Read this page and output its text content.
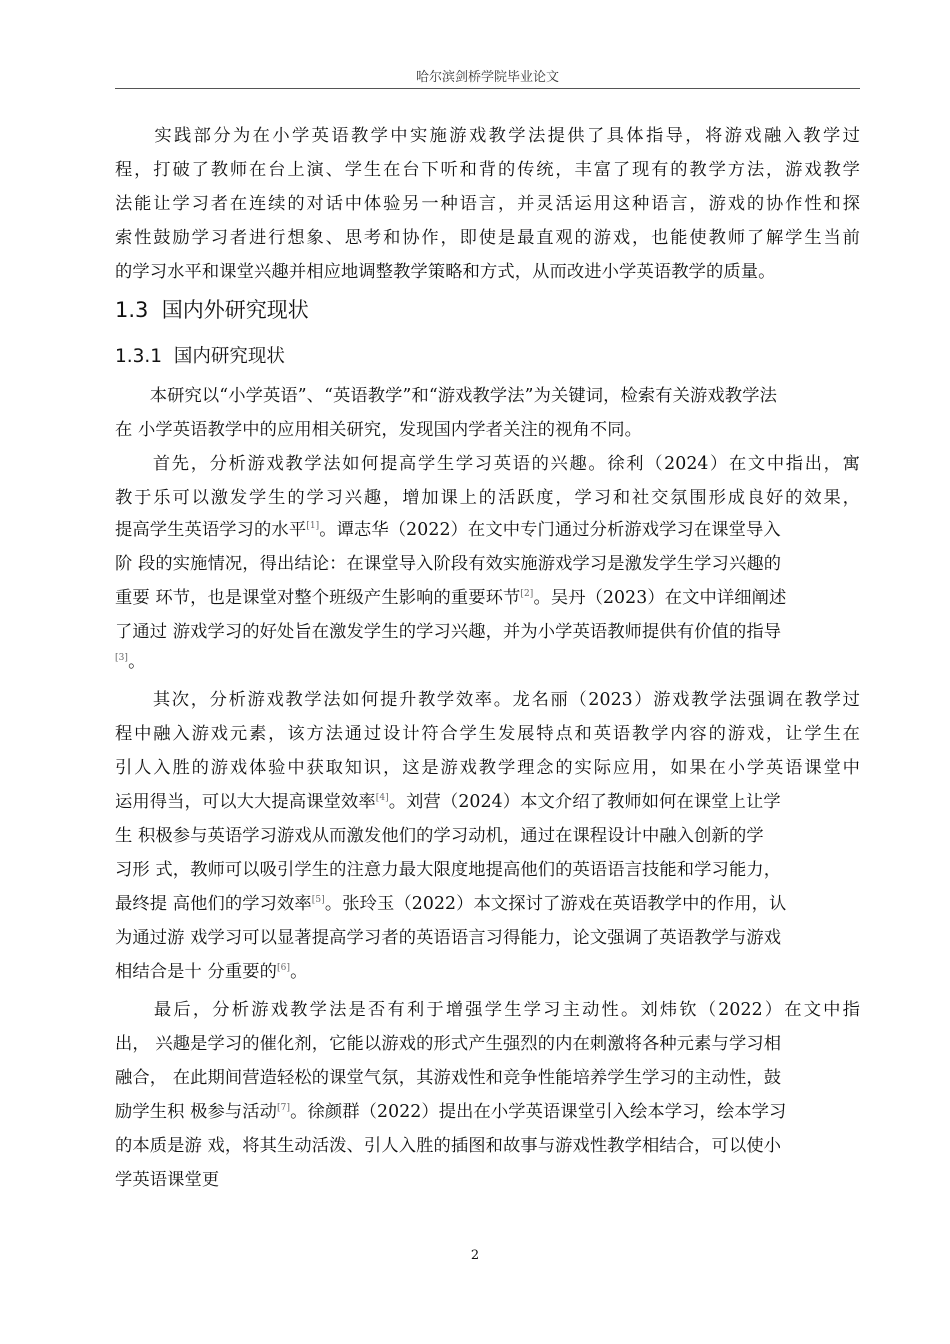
哈尔滨剑桥学院毕业论文
　　实践部分为在小学英语教学中实施游戏教学法提供了具体指导，将游戏融入教学过
程，打破了教师在台上演、学生在台下听和背的传统，丰富了现有的教学方法，游戏教学
法能让学习者在连续的对话中体验另一种语言，并灵活运用这种语言，游戏的协作性和探
索性鼓励学习者进行想象、思考和协作，即使是最直观的游戏，也能使教师了解学生当前
的学习水平和课堂兴趣并相应地调整教学策略和方式，从而改进小学英语教学的质量。
1.3 国内外研究现状
1.3.1 国内研究现状
　　本研究以“小学英语”、“英语教学”和“游戏教学法”为关键词，检索有关游戏教学法
在 小学英语教学中的应用相关研究，发现国内学者关注的视角不同。
　　首先，分析游戏教学法如何提高学生学习英语的兴趣。徐利（2024）在文中指出，寓
教于乐可以激发学生的学习兴趣，增加课上的活跃度，学习和社交氛围形成良好的效果，
提高学生英语学习的水平[1]。谭志华（2022）在文中专门通过分析游戏学习在课堂导入
阶 段的实施情况，得出结论：在课堂导入阶段有效实施游戏学习是激发学生学习兴趣的
重要 环节，也是课堂对整个班级产生影响的重要环节[2]。吴丹（2023）在文中详细阐述
了通过 游戏学习的好处旨在激发学生的学习兴趣，并为小学英语教师提供有价值的指导
[3]。
　　其次，分析游戏教学法如何提升教学效率。龙名丽（2023）游戏教学法强调在教学过
程中融入游戏元素，该方法通过设计符合学生发展特点和英语教学内容的游戏，让学生在
引人入胜的游戏体验中获取知识，这是游戏教学理念的实际应用，如果在小学英语课堂中
运用得当，可以大大提高课堂效率[4]。刘营（2024）本文介绍了教师如何在课堂上让学
生 积极参与英语学习游戏从而激发他们的学习动机，通过在课程设计中融入创新的学
习形 式，教师可以吸引学生的注意力最大限度地提高他们的英语语言技能和学习能力，
最终提 高他们的学习效率[5]。张玲玉（2022）本文探讨了游戏在英语教学中的作用，认
为通过游 戏学习可以显著提高学习者的英语语言习得能力，论文强调了英语教学与游戏
相结合是十 分重要的[6]。
　　最后，分析游戏教学法是否有利于增强学生学习主动性。刘炜钦（2022）在文中指
出， 兴趣是学习的催化剂，它能以游戏的形式产生强烈的内在刺激将各种元素与学习相
融合， 在此期间营造轻松的课堂气氛，其游戏性和竞争性能培养学生学习的主动性，鼓
励学生积 极参与活动[7]。徐颜群（2022）提出在小学英语课堂引入绘本学习，绘本学习
的本质是游 戏，将其生动活泼、引人入胜的插图和故事与游戏性教学相结合，可以使小
学英语课堂更
2
